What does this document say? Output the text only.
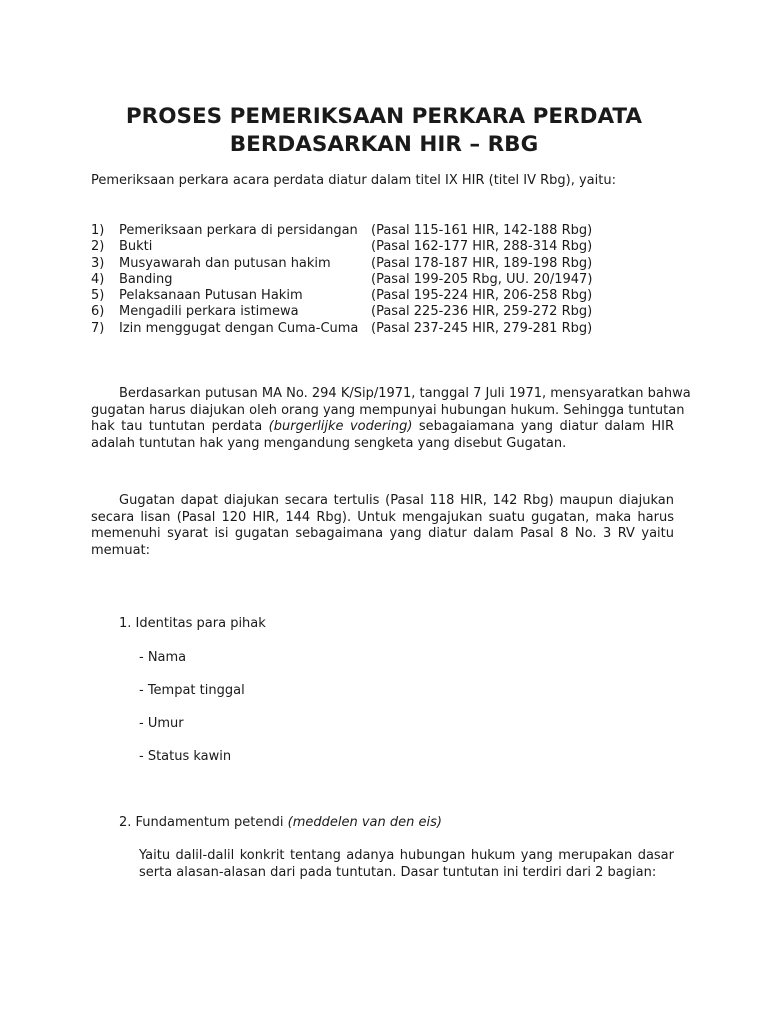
PROSES PEMERIKSAAN PERKARA PERDATA
BERDASARKAN HIR – RBG
Pemeriksaan perkara acara perdata diatur dalam titel IX HIR (titel IV Rbg), yaitu:
1)	Pemeriksaan perkara di persidangan	(Pasal 115-161 HIR, 142-188 Rbg)
2)	Bukti	(Pasal 162-177 HIR, 288-314 Rbg)
3)	Musyawarah dan putusan hakim	(Pasal 178-187 HIR, 189-198 Rbg)
4)	Banding	(Pasal 199-205 Rbg, UU. 20/1947)
5)	Pelaksanaan Putusan Hakim	(Pasal 195-224 HIR, 206-258 Rbg)
6)	Mengadili perkara istimewa	(Pasal 225-236 HIR, 259-272 Rbg)
7)	Izin menggugat dengan Cuma-Cuma (Pasal 237-245 HIR, 279-281 Rbg)
Berdasarkan putusan MA No. 294 K/Sip/1971, tanggal 7 Juli 1971, mensyaratkan bahwa
gugatan harus diajukan oleh orang yang mempunyai hubungan hukum. Sehingga tuntutan
hak tau tuntutan perdata (burgerlijke vodering) sebagaiamana yang diatur dalam HIR
adalah tuntutan hak yang mengandung sengketa yang disebut Gugatan.
Gugatan dapat diajukan secara tertulis (Pasal 118 HIR, 142 Rbg) maupun diajukan
secara lisan (Pasal 120 HIR, 144 Rbg). Untuk mengajukan suatu gugatan, maka harus
memenuhi syarat isi gugatan sebagaimana yang diatur dalam Pasal 8 No. 3 RV yaitu
memuat:
1. Identitas para pihak
- Nama
- Tempat tinggal
- Umur
- Status kawin
2. Fundamentum petendi (meddelen van den eis)
Yaitu dalil-dalil konkrit tentang adanya hubungan hukum yang merupakan dasar
serta alasan-alasan dari pada tuntutan. Dasar tuntutan ini terdiri dari 2 bagian:
